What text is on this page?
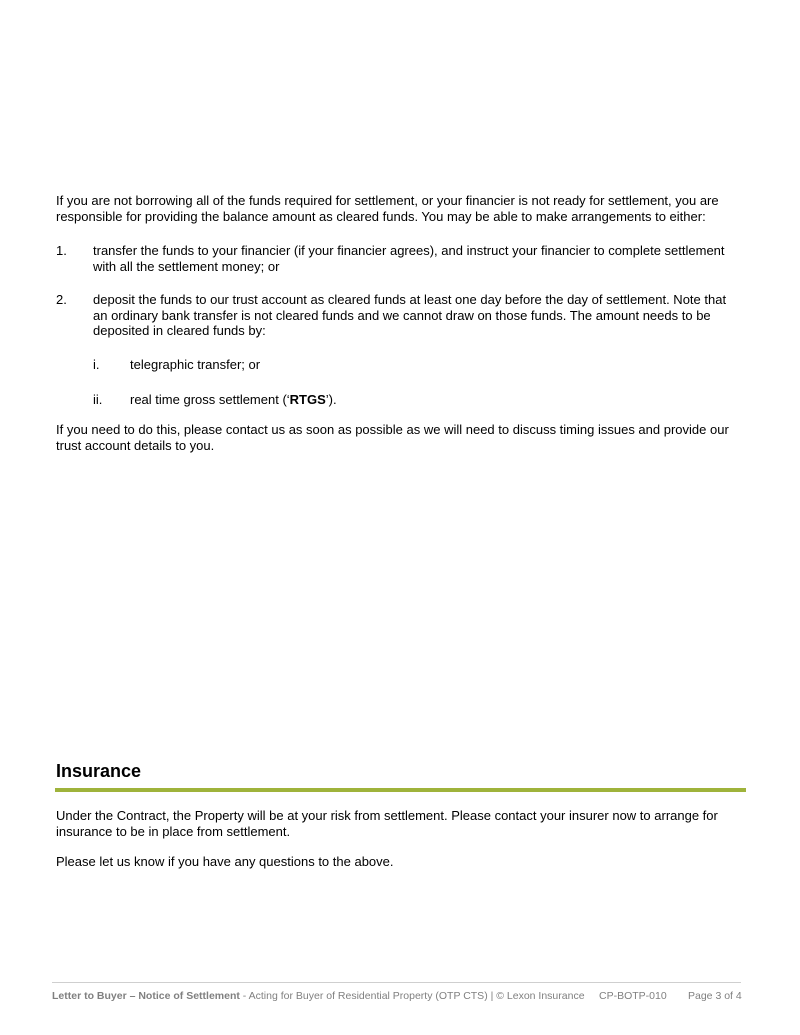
If you are not borrowing all of the funds required for settlement, or your financier is not ready for settlement, you are responsible for providing the balance amount as cleared funds. You may be able to make arrangements to either:

1. transfer the funds to your financier (if your financier agrees), and instruct your financier to complete settlement with all the settlement money; or

2. deposit the funds to our trust account as cleared funds at least one day before the day of settlement. Note that an ordinary bank transfer is not cleared funds and we cannot draw on those funds. The amount needs to be deposited in cleared funds by:

i. telegraphic transfer; or

ii. real time gross settlement (‘RTGS’).

If you need to do this, please contact us as soon as possible as we will need to discuss timing issues and provide our trust account details to you.

Insurance

Under the Contract, the Property will be at your risk from settlement. Please contact your insurer now to arrange for insurance to be in place from settlement.

Please let us know if you have any questions to the above.

Letter to Buyer – Notice of Settlement - Acting for Buyer of Residential Property (OTP CTS) | © Lexon Insurance CP-BOTP-010 Page 3 of 4
